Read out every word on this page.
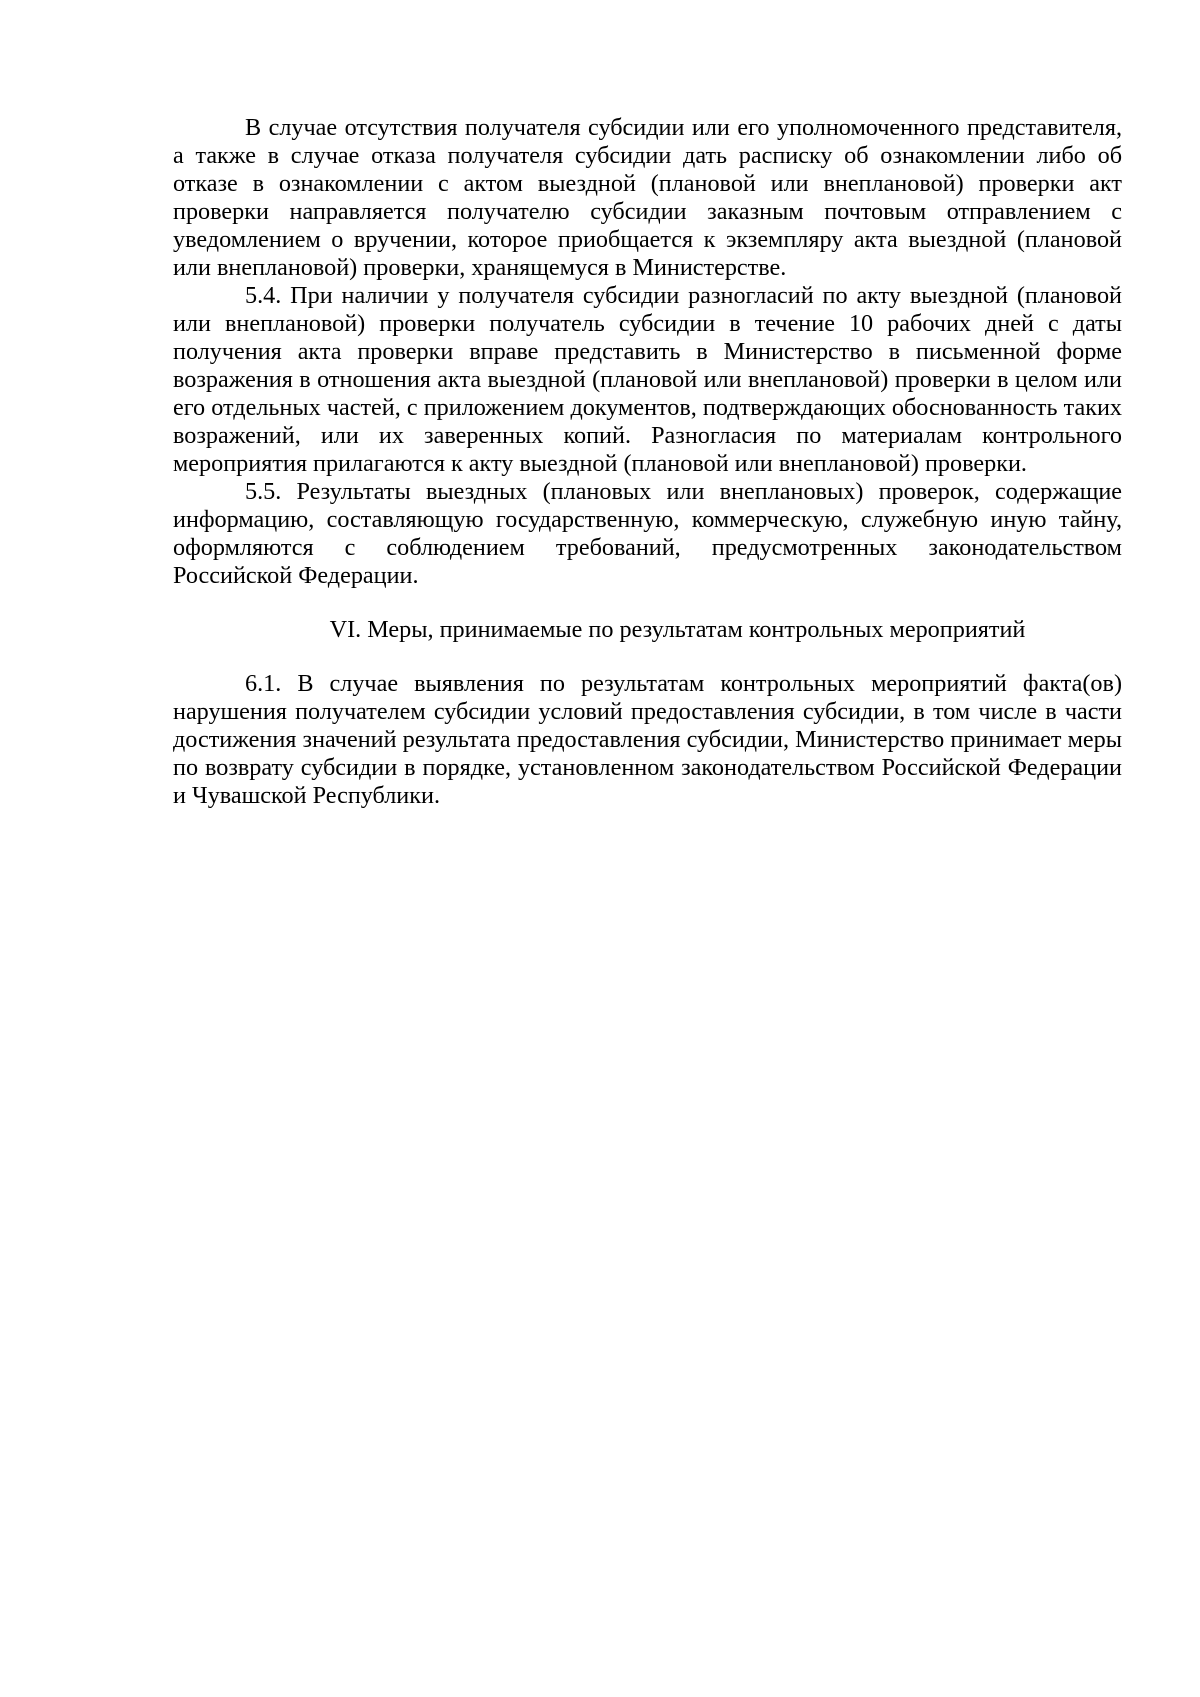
В случае отсутствия получателя субсидии или его уполномоченного представителя, а также в случае отказа получателя субсидии дать расписку об ознакомлении либо об отказе в ознакомлении с актом выездной (плановой или внеплановой) проверки акт проверки направляется получателю субсидии заказным почтовым отправлением с уведомлением о вручении, которое приобщается к экземпляру акта выездной (плановой или внеплановой) проверки, хранящемуся в Министерстве.

5.4. При наличии у получателя субсидии разногласий по акту выездной (плановой или внеплановой) проверки получатель субсидии в течение 10 рабочих дней с даты получения акта проверки вправе представить в Министерство в письменной форме возражения в отношения акта выездной (плановой или внеплановой) проверки в целом или его отдельных частей, с приложением документов, подтверждающих обоснованность таких возражений, или их заверенных копий. Разногласия по материалам контрольного мероприятия прилагаются к акту выездной (плановой или внеплановой) проверки.

5.5. Результаты выездных (плановых или внеплановых) проверок, содержащие информацию, составляющую государственную, коммерческую, служебную иную тайну, оформляются с соблюдением требований, предусмотренных законодательством Российской Федерации.

VI. Меры, принимаемые по результатам контрольных мероприятий

6.1. В случае выявления по результатам контрольных мероприятий факта(ов) нарушения получателем субсидии условий предоставления субсидии, в том числе в части достижения значений результата предоставления субсидии, Министерство принимает меры по возврату субсидии в порядке, установленном законодательством Российской Федерации и Чувашской Республики.
